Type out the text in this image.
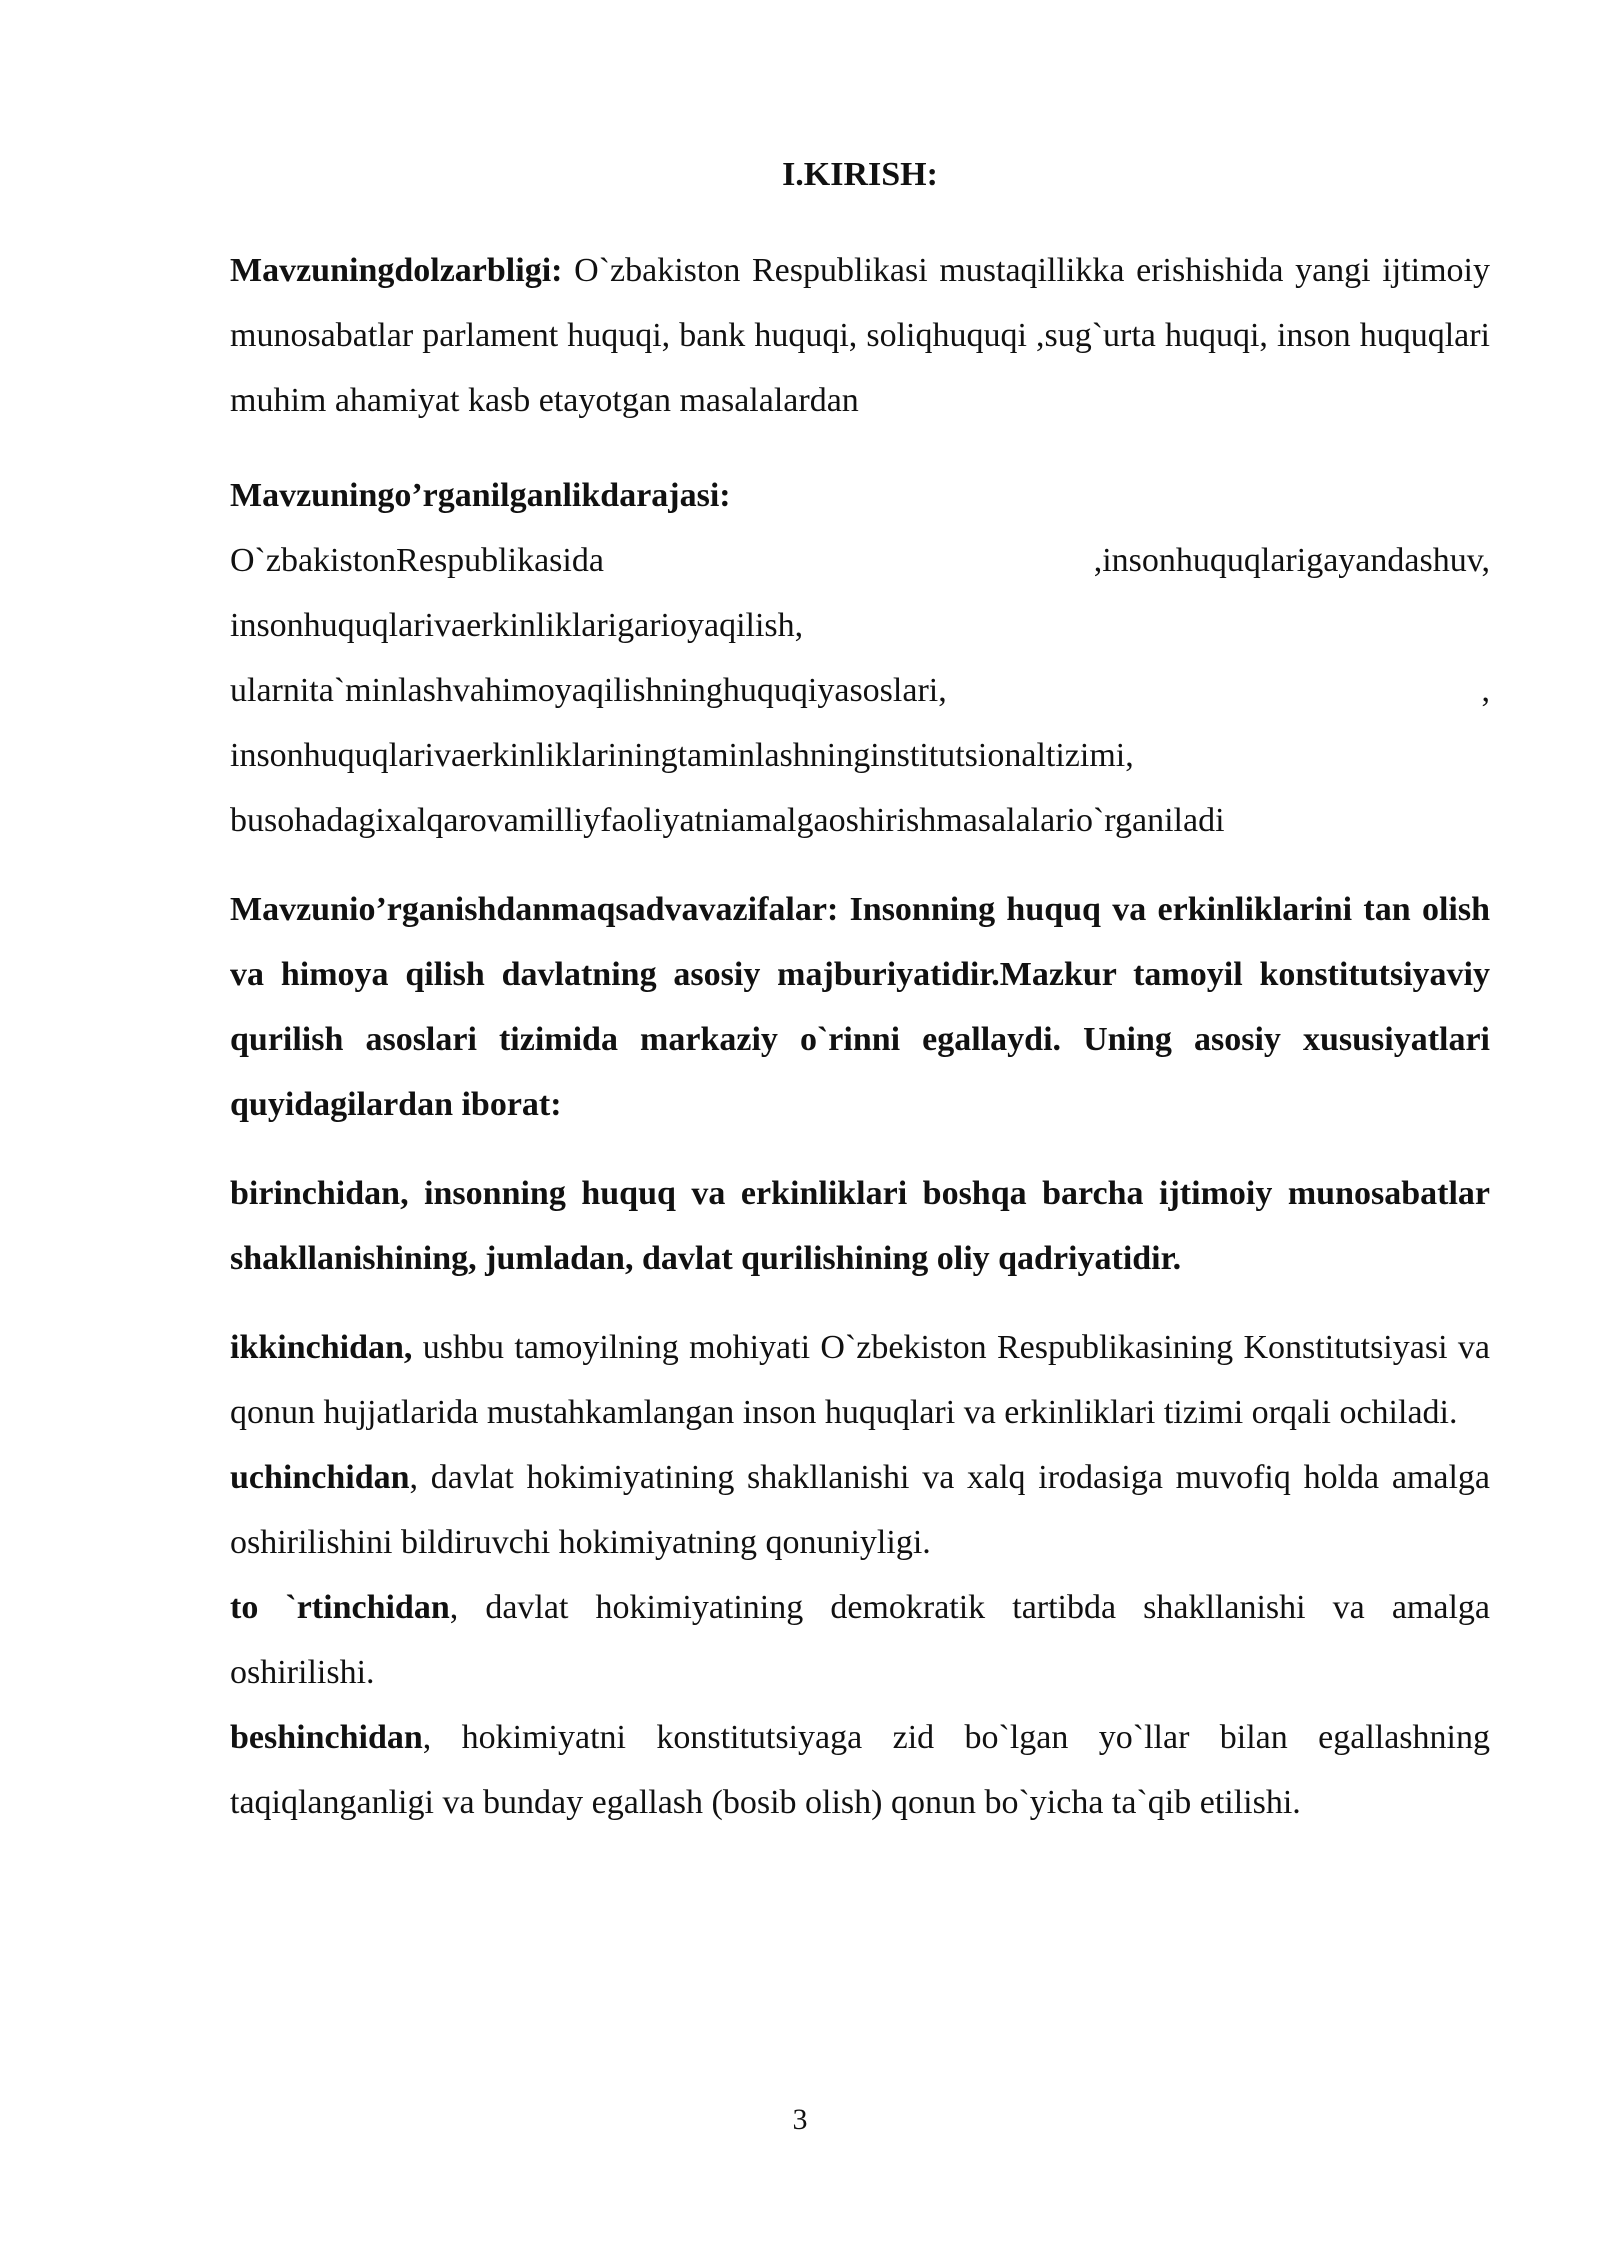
I.KIRISH:

Mavzuningdolzarbligi: O`zbakiston Respublikasi mustaqillikka erishishida yangi ijtimoiy munosabatlar parlament huquqi, bank huquqi, soliqhuquqi ,sug`urta huquqi, inson huquqlari muhim ahamiyat kasb etayotgan masalalardan

Mavzuningo’rganilganlikdarajasi:
O`zbakistonRespublikasida	,insonhuquqlarigayandashuv,
insonhuquqlarivaerkinliklarigarioyaqilish,
ularnita`minlashvahimoyaqilishninghuquqiyasoslari,	,
insonhuquqlarivaerkinliklariningtaminlashninginstitutsionaltizimi,
busohadagixalqarovamilliyfaoliyatniamalgaoshirishmasalalario`rganiladi

Mavzunio’rganishdanmaqsadvavazifalar: Insonning huquq va erkinliklarini tan olish va himoya qilish davlatning asosiy majburiyatidir.Mazkur tamoyil konstitutsiyaviy qurilish asoslari tizimida markaziy o`rinni egallaydi. Uning asosiy xususiyatlari quyidagilardan iborat:

birinchidan, insonning huquq va erkinliklari boshqa barcha ijtimoiy munosabatlar shakllanishining, jumladan, davlat qurilishining oliy qadriyatidir.

ikkinchidan, ushbu tamoyilning mohiyati O`zbekiston Respublikasining Konstitutsiyasi va qonun hujjatlarida mustahkamlangan inson huquqlari va erkinliklari tizimi orqali ochiladi.

uchinchidan, davlat hokimiyatining shakllanishi va xalq irodasiga muvofiq holda amalga oshirilishini bildiruvchi hokimiyatning qonuniyligi.

to `rtinchidan, davlat hokimiyatining demokratik tartibda shakllanishi va amalga oshirilishi.

beshinchidan, hokimiyatni konstitutsiyaga zid bo`lgan yo`llar bilan egallashning taqiqlanganligi va bunday egallash (bosib olish) qonun bo`yicha ta`qib etilishi.

3
